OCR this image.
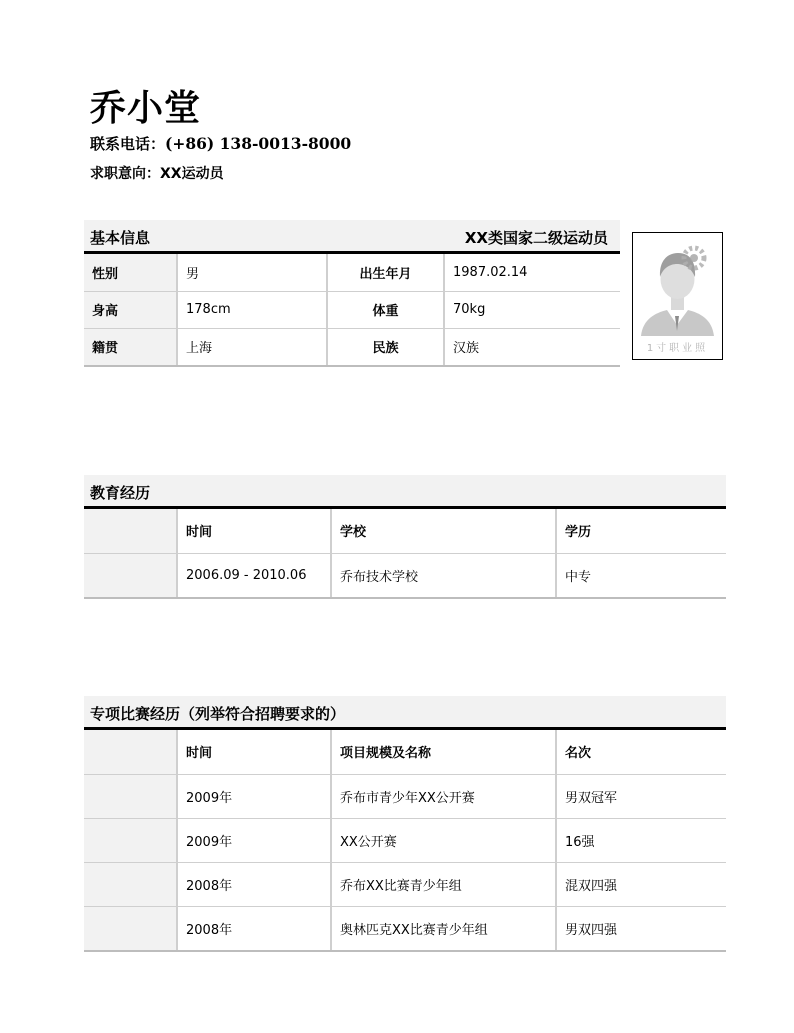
乔小堂
联系电话：(+86) 138-0013-8000
求职意向：XX运动员
基本信息	XX类国家二级运动员
性别	男	出生年月	1987.02.14
身高	178cm	体重	70kg
籍贯	上海	民族	汉族	1寸职业照
教育经历
	时间	学校	学历
	2006.09 - 2010.06	乔布技术学校	中专
专项比赛经历（列举符合招聘要求的）
	时间	项目规模及名称	名次
	2009年	乔布市青少年XX公开赛	男双冠军
	2009年	XX公开赛	16强
	2008年	乔布XX比赛青少年组	混双四强
	2008年	奥林匹克XX比赛青少年组	男双四强
